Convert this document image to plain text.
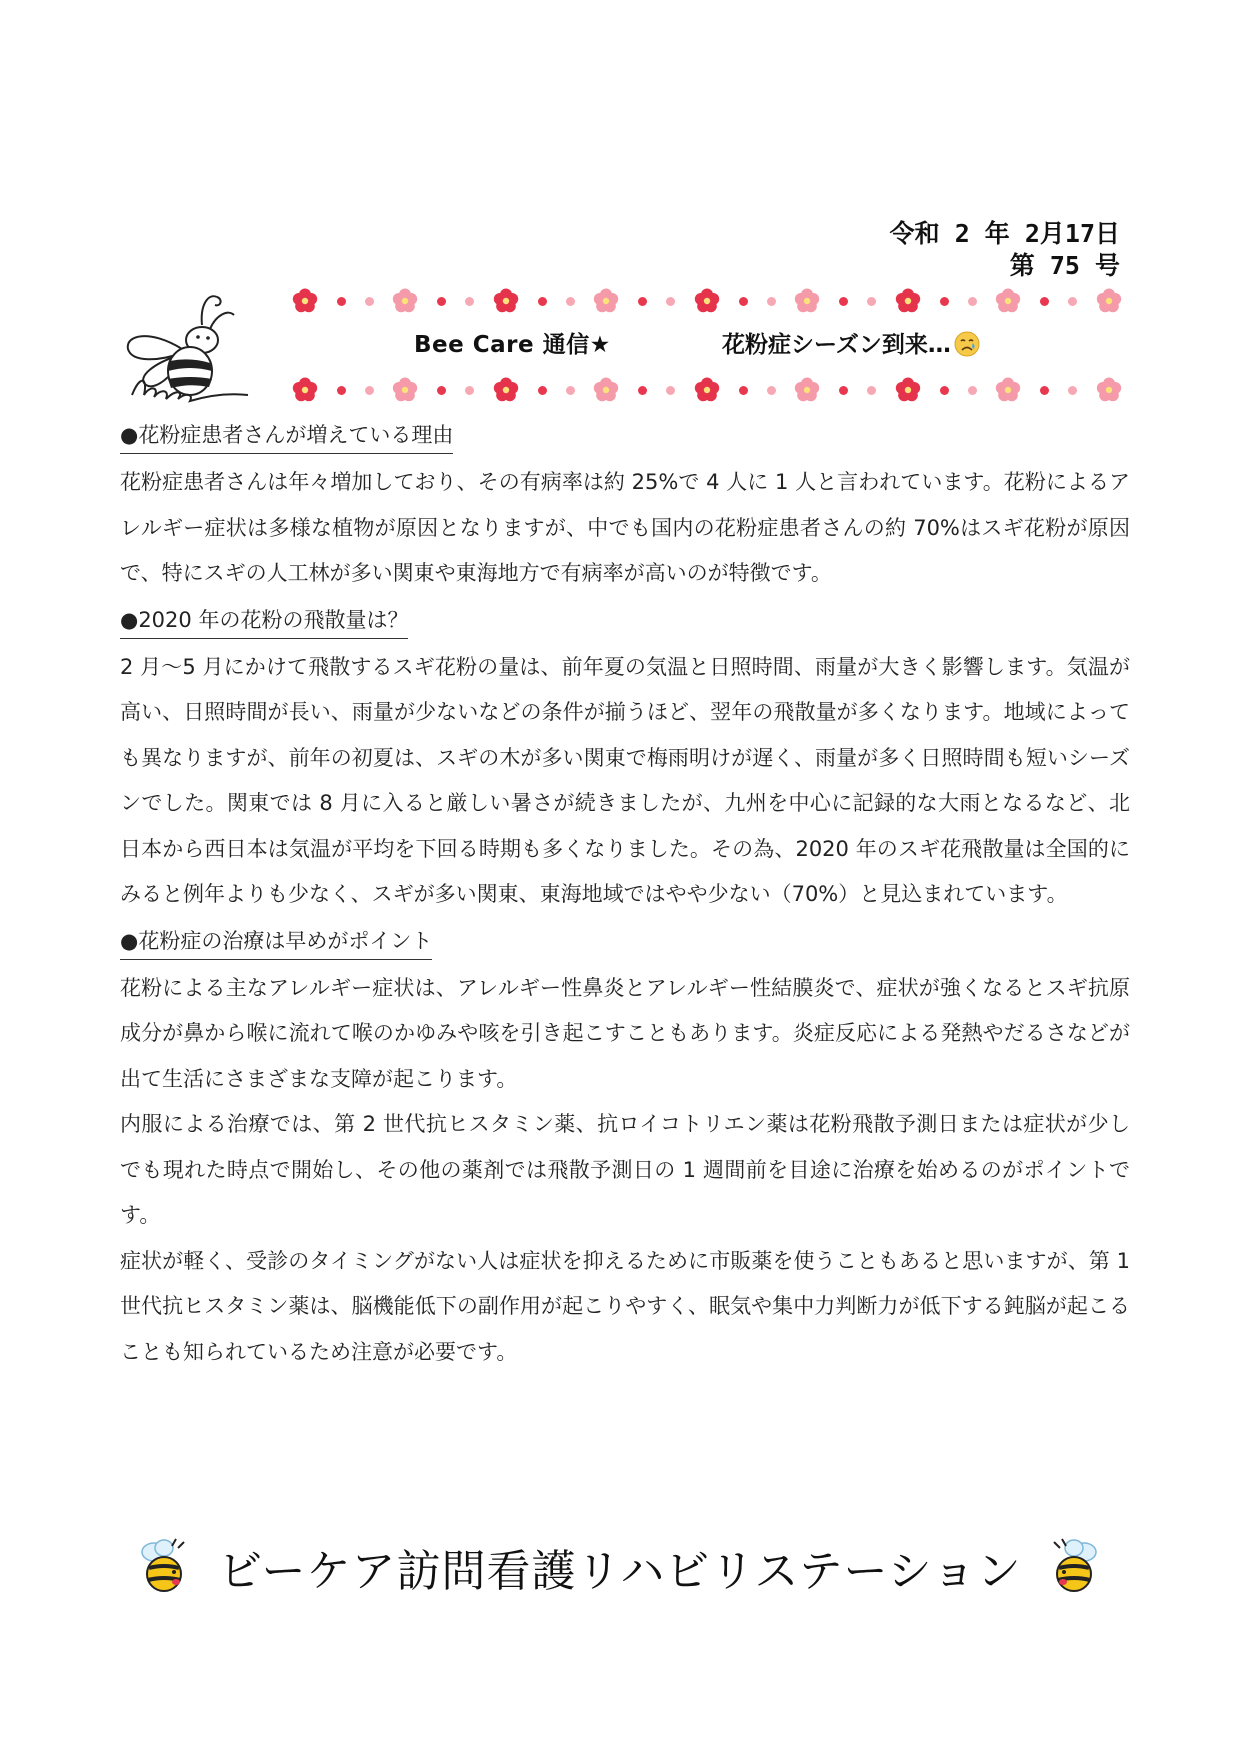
令和 2 年 2月17日
第 75 号
Bee
Bee Care 通信★	花粉症シーズン到来…
●花粉症患者さんが増えている理由

花粉症患者さんは年々増加しており、その有病率は約 25%で 4 人に 1 人と言われています。花粉によるアレルギー症状は多様な植物が原因となりますが、中でも国内の花粉症患者さんの約 70%はスギ花粉が原因で、特にスギの人工林が多い関東や東海地方で有病率が高いのが特徴です。

●2020 年の花粉の飛散量は？

2 月～5 月にかけて飛散するスギ花粉の量は、前年夏の気温と日照時間、雨量が大きく影響します。気温が高い、日照時間が長い、雨量が少ないなどの条件が揃うほど、翌年の飛散量が多くなります。地域によっても異なりますが、前年の初夏は、スギの木が多い関東で梅雨明けが遅く、雨量が多く日照時間も短いシーズンでした。関東では 8 月に入ると厳しい暑さが続きましたが、九州を中心に記録的な大雨となるなど、北日本から西日本は気温が平均を下回る時期も多くなりました。その為、2020 年のスギ花飛散量は全国的にみると例年よりも少なく、スギが多い関東、東海地域ではやや少ない（70%）と見込まれています。

●花粉症の治療は早めがポイント

花粉による主なアレルギー症状は、アレルギー性鼻炎とアレルギー性結膜炎で、症状が強くなるとスギ抗原成分が鼻から喉に流れて喉のかゆみや咳を引き起こすこともあります。炎症反応による発熱やだるさなどが出て生活にさまざまな支障が起こります。

内服による治療では、第 2 世代抗ヒスタミン薬、抗ロイコトリエン薬は花粉飛散予測日または症状が少しでも現れた時点で開始し、その他の薬剤では飛散予測日の 1 週間前を目途に治療を始めるのがポイントです。

症状が軽く、受診のタイミングがない人は症状を抑えるために市販薬を使うこともあると思いますが、第 1 世代抗ヒスタミン薬は、脳機能低下の副作用が起こりやすく、眠気や集中力判断力が低下する鈍脳が起こることも知られているため注意が必要です。

ビーケア訪問看護リハビリステーション
